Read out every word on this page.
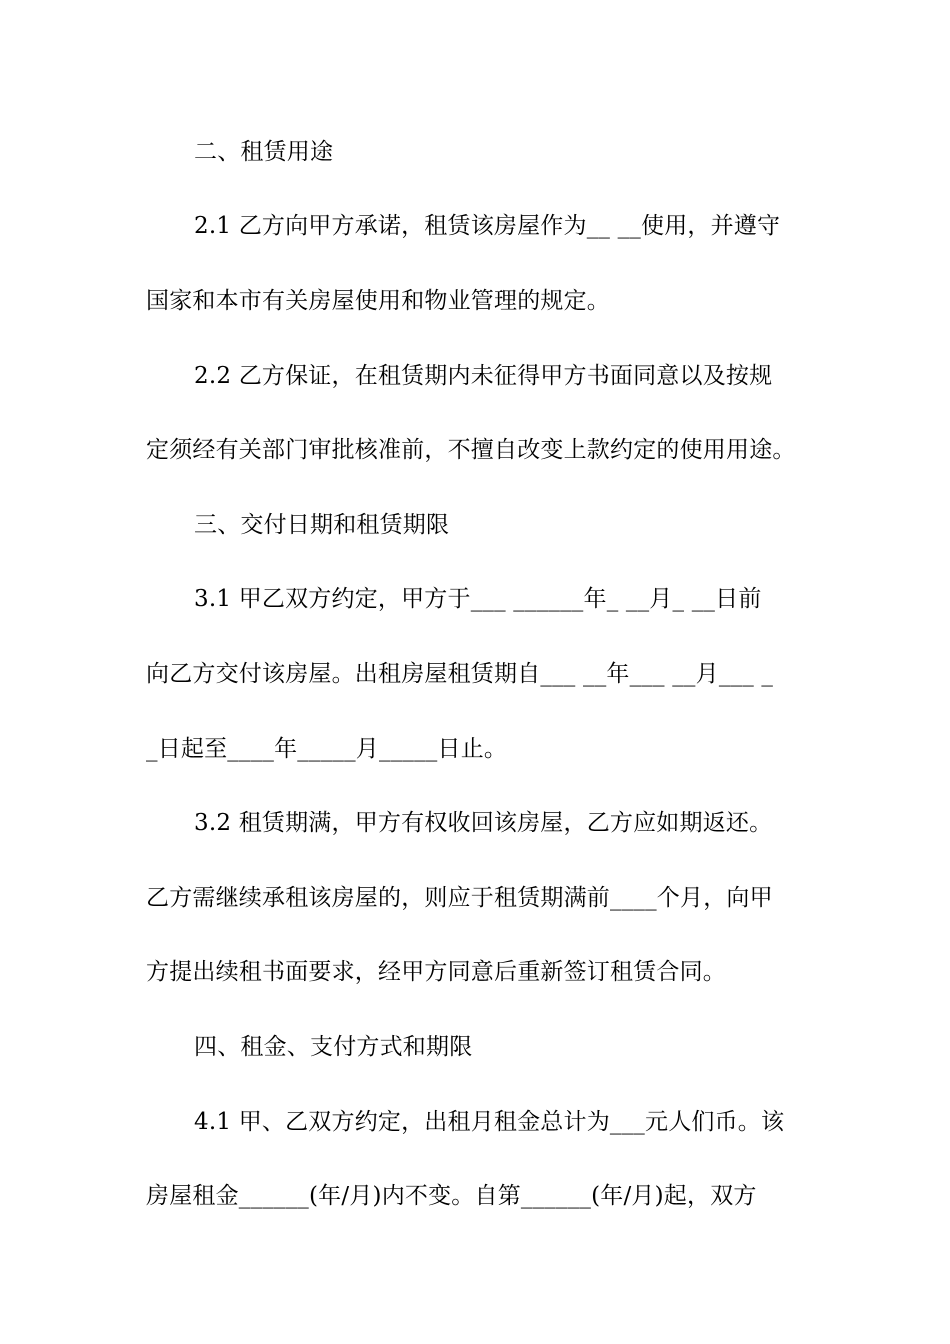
二、租赁用途
2.1 乙方向甲方承诺，租赁该房屋作为__ __使用，并遵守
国家和本市有关房屋使用和物业管理的规定。
2.2 乙方保证，在租赁期内未征得甲方书面同意以及按规
定须经有关部门审批核准前，不擅自改变上款约定的使用用途。
三、交付日期和租赁期限
3.1 甲乙双方约定，甲方于___ ______年_ __月_ __日前
向乙方交付该房屋。出租房屋租赁期自___ __年___ __月___ _
_日起至____年_____月_____日止。
3.2 租赁期满，甲方有权收回该房屋，乙方应如期返还。
乙方需继续承租该房屋的，则应于租赁期满前____个月，向甲
方提出续租书面要求，经甲方同意后重新签订租赁合同。
四、租金、支付方式和期限
4.1 甲、乙双方约定，出租月租金总计为___元人们币。该
房屋租金______(年/月)内不变。自第______(年/月)起，双方
